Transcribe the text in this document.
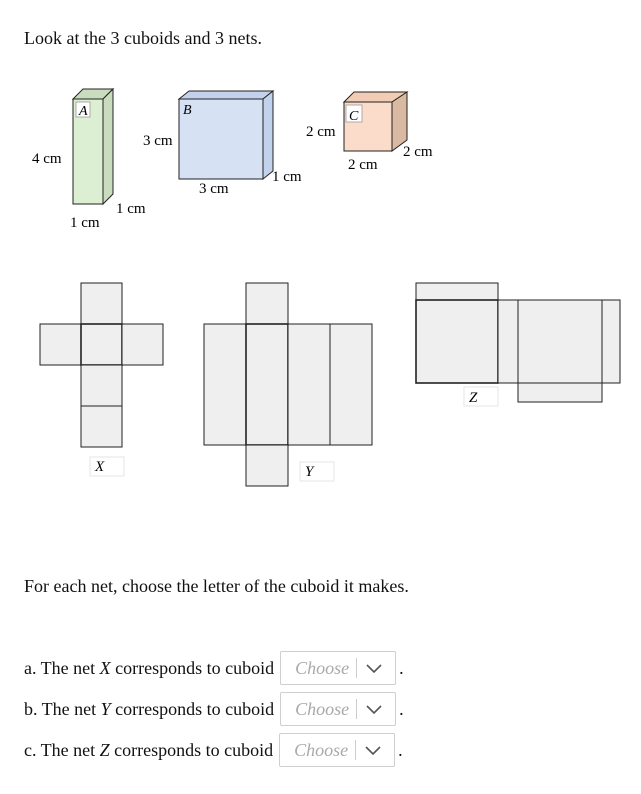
Look at the 3 cuboids and 3 nets.
A
4 cm
1 cm
1 cm
B
3 cm
3 cm
1 cm
C
2 cm
2 cm
2 cm
X	Y
Z
For each net, choose the letter of the cuboid it makes.
a. The net X corresponds to cuboid	Choose	.
b. The net Y corresponds to cuboid	Choose	.
c. The net Z corresponds to cuboid	Choose	.
